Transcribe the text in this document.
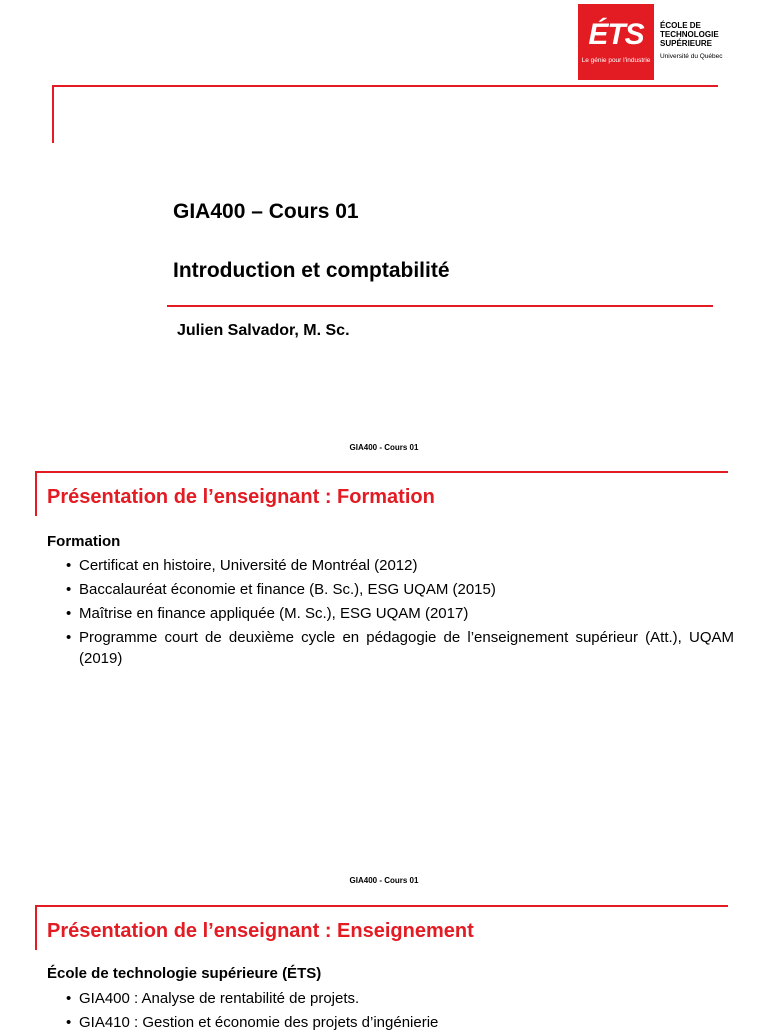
ÉTS
Le génie pour l'industrie
ÉCOLE DE
TECHNOLOGIE
SUPÉRIEURE
Université du Québec
GIA400 – Cours 01
Introduction et comptabilité
Julien Salvador, M. Sc.
GIA400 - Cours 01
Présentation de l’enseignant : Formation
Formation
• Certificat en histoire, Université de Montréal (2012)
• Baccalauréat économie et finance (B. Sc.), ESG UQAM (2015)
• Maîtrise en finance appliquée (M. Sc.), ESG UQAM (2017)
• Programme court de deuxième cycle en pédagogie de l’enseignement supérieur (Att.), UQAM (2019)
GIA400 - Cours 01
Présentation de l’enseignant : Enseignement
École de technologie supérieure (ÉTS)
• GIA400 : Analyse de rentabilité de projets.
• GIA410 : Gestion et économie des projets d’ingénierie
